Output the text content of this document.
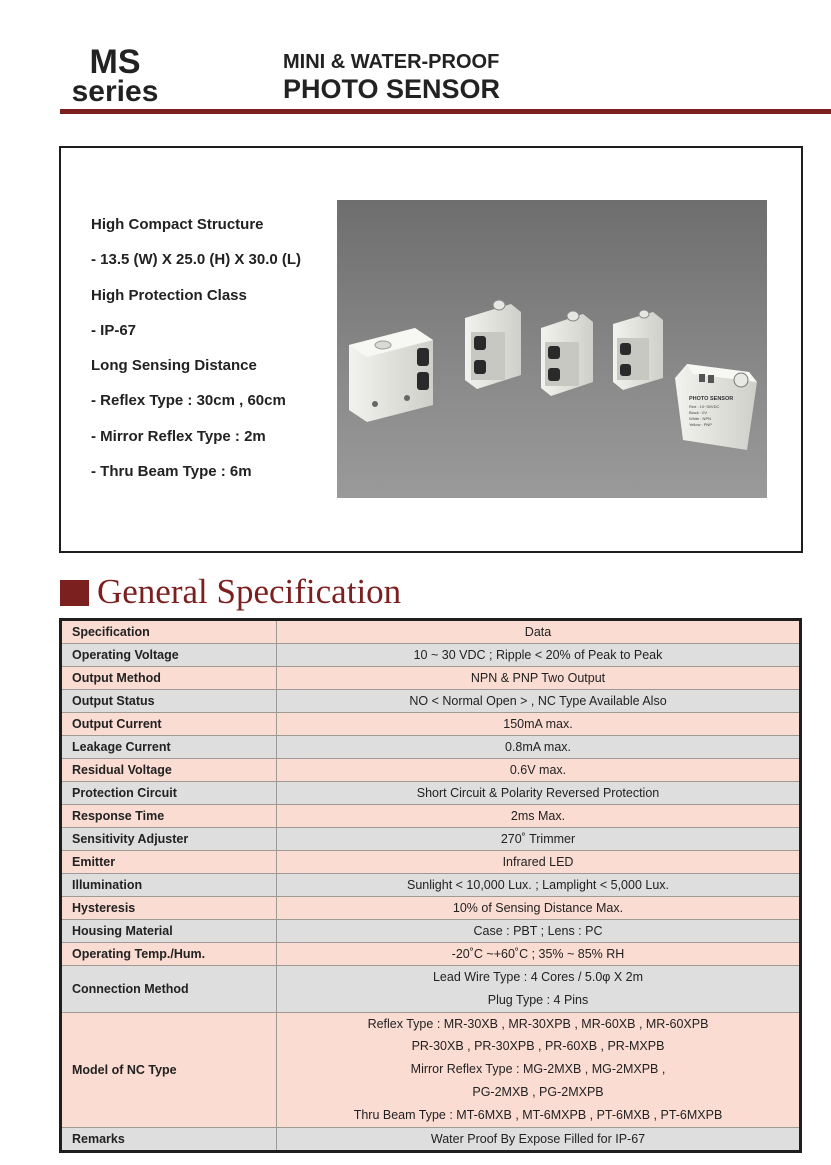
MS
series
MINI & WATER-PROOF
PHOTO SENSOR
High Compact Structure
- 13.5 (W) X 25.0 (H) X 30.0 (L)
High Protection Class
- IP-67
Long Sensing Distance
- Reflex Type : 30cm , 60cm
- Mirror Reflex Type : 2m
- Thru Beam Type : 6m
PHOTO SENSOR
Red : 10~30VDC
Black : 0V
White : NPN
Yellow : PNP
General Specification
Specification	Data
Operating Voltage	10 ~ 30 VDC ; Ripple < 20% of Peak to Peak
Output Method	NPN & PNP Two Output
Output Status	NO < Normal Open > , NC Type Available Also
Output Current	150mA max.
Leakage Current	0.8mA max.
Residual Voltage	0.6V max.
Protection Circuit	Short Circuit & Polarity Reversed Protection
Response Time	2ms Max.
Sensitivity Adjuster	270˚ Trimmer
Emitter	Infrared LED
Illumination	Sunlight < 10,000 Lux. ; Lamplight < 5,000 Lux.
Hysteresis	10% of Sensing Distance Max.
Housing Material	Case : PBT ; Lens : PC
Operating Temp./Hum.	-20˚C ~+60˚C ; 35% ~ 85% RH
Connection Method	Lead Wire Type : 4 Cores / 5.0φ X 2m
Plug Type : 4 Pins

Model of NC Type	Reflex Type : MR-30XB , MR-30XPB , MR-60XB , MR-60XPB
PR-30XB , PR-30XPB , PR-60XB , PR-MXPB
Mirror Reflex Type : MG-2MXB , MG-2MXPB ,
PG-2MXB , PG-2MXPB
Thru Beam Type : MT-6MXB , MT-6MXPB , PT-6MXB , PT-6MXPB

Remarks	Water Proof By Expose Filled for IP-67
